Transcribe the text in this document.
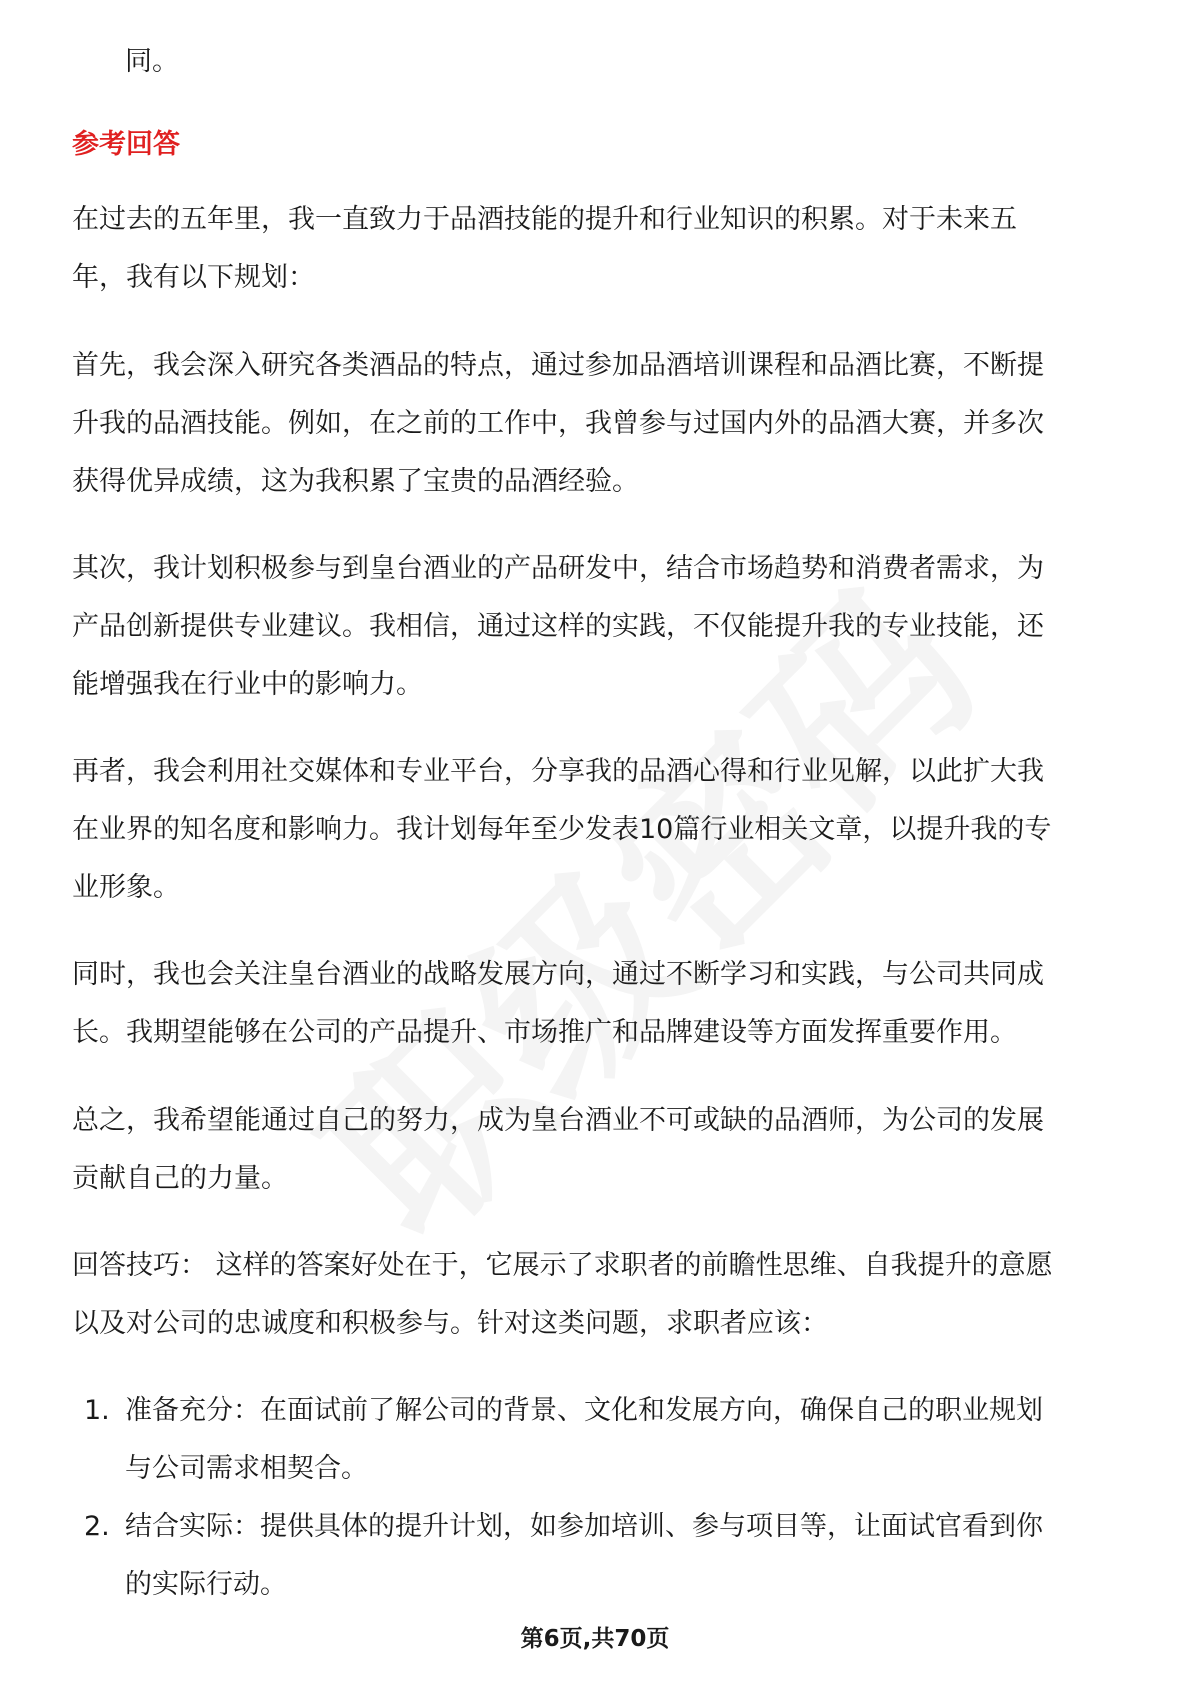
同。
参考回答
在过去的五年里，我一直致力于品酒技能的提升和行业知识的积累。对于未来五
年，我有以下规划：
首先，我会深入研究各类酒品的特点，通过参加品酒培训课程和品酒比赛，不断提
升我的品酒技能。例如，在之前的工作中，我曾参与过国内外的品酒大赛，并多次
获得优异成绩，这为我积累了宝贵的品酒经验。
其次，我计划积极参与到皇台酒业的产品研发中，结合市场趋势和消费者需求，为
产品创新提供专业建议。我相信，通过这样的实践，不仅能提升我的专业技能，还
能增强我在行业中的影响力。
再者，我会利用社交媒体和专业平台，分享我的品酒心得和行业见解，以此扩大我
在业界的知名度和影响力。我计划每年至少发表10篇行业相关文章，以提升我的专
业形象。
同时，我也会关注皇台酒业的战略发展方向，通过不断学习和实践，与公司共同成
长。我期望能够在公司的产品提升、市场推广和品牌建设等方面发挥重要作用。
总之，我希望能通过自己的努力，成为皇台酒业不可或缺的品酒师，为公司的发展
贡献自己的力量。
回答技巧： 这样的答案好处在于，它展示了求职者的前瞻性思维、自我提升的意愿
以及对公司的忠诚度和积极参与。针对这类问题，求职者应该：
1. 准备充分：在面试前了解公司的背景、文化和发展方向，确保自己的职业规划
与公司需求相契合。
2. 结合实际：提供具体的提升计划，如参加培训、参与项目等，让面试官看到你
的实际行动。
第6页,共70页
